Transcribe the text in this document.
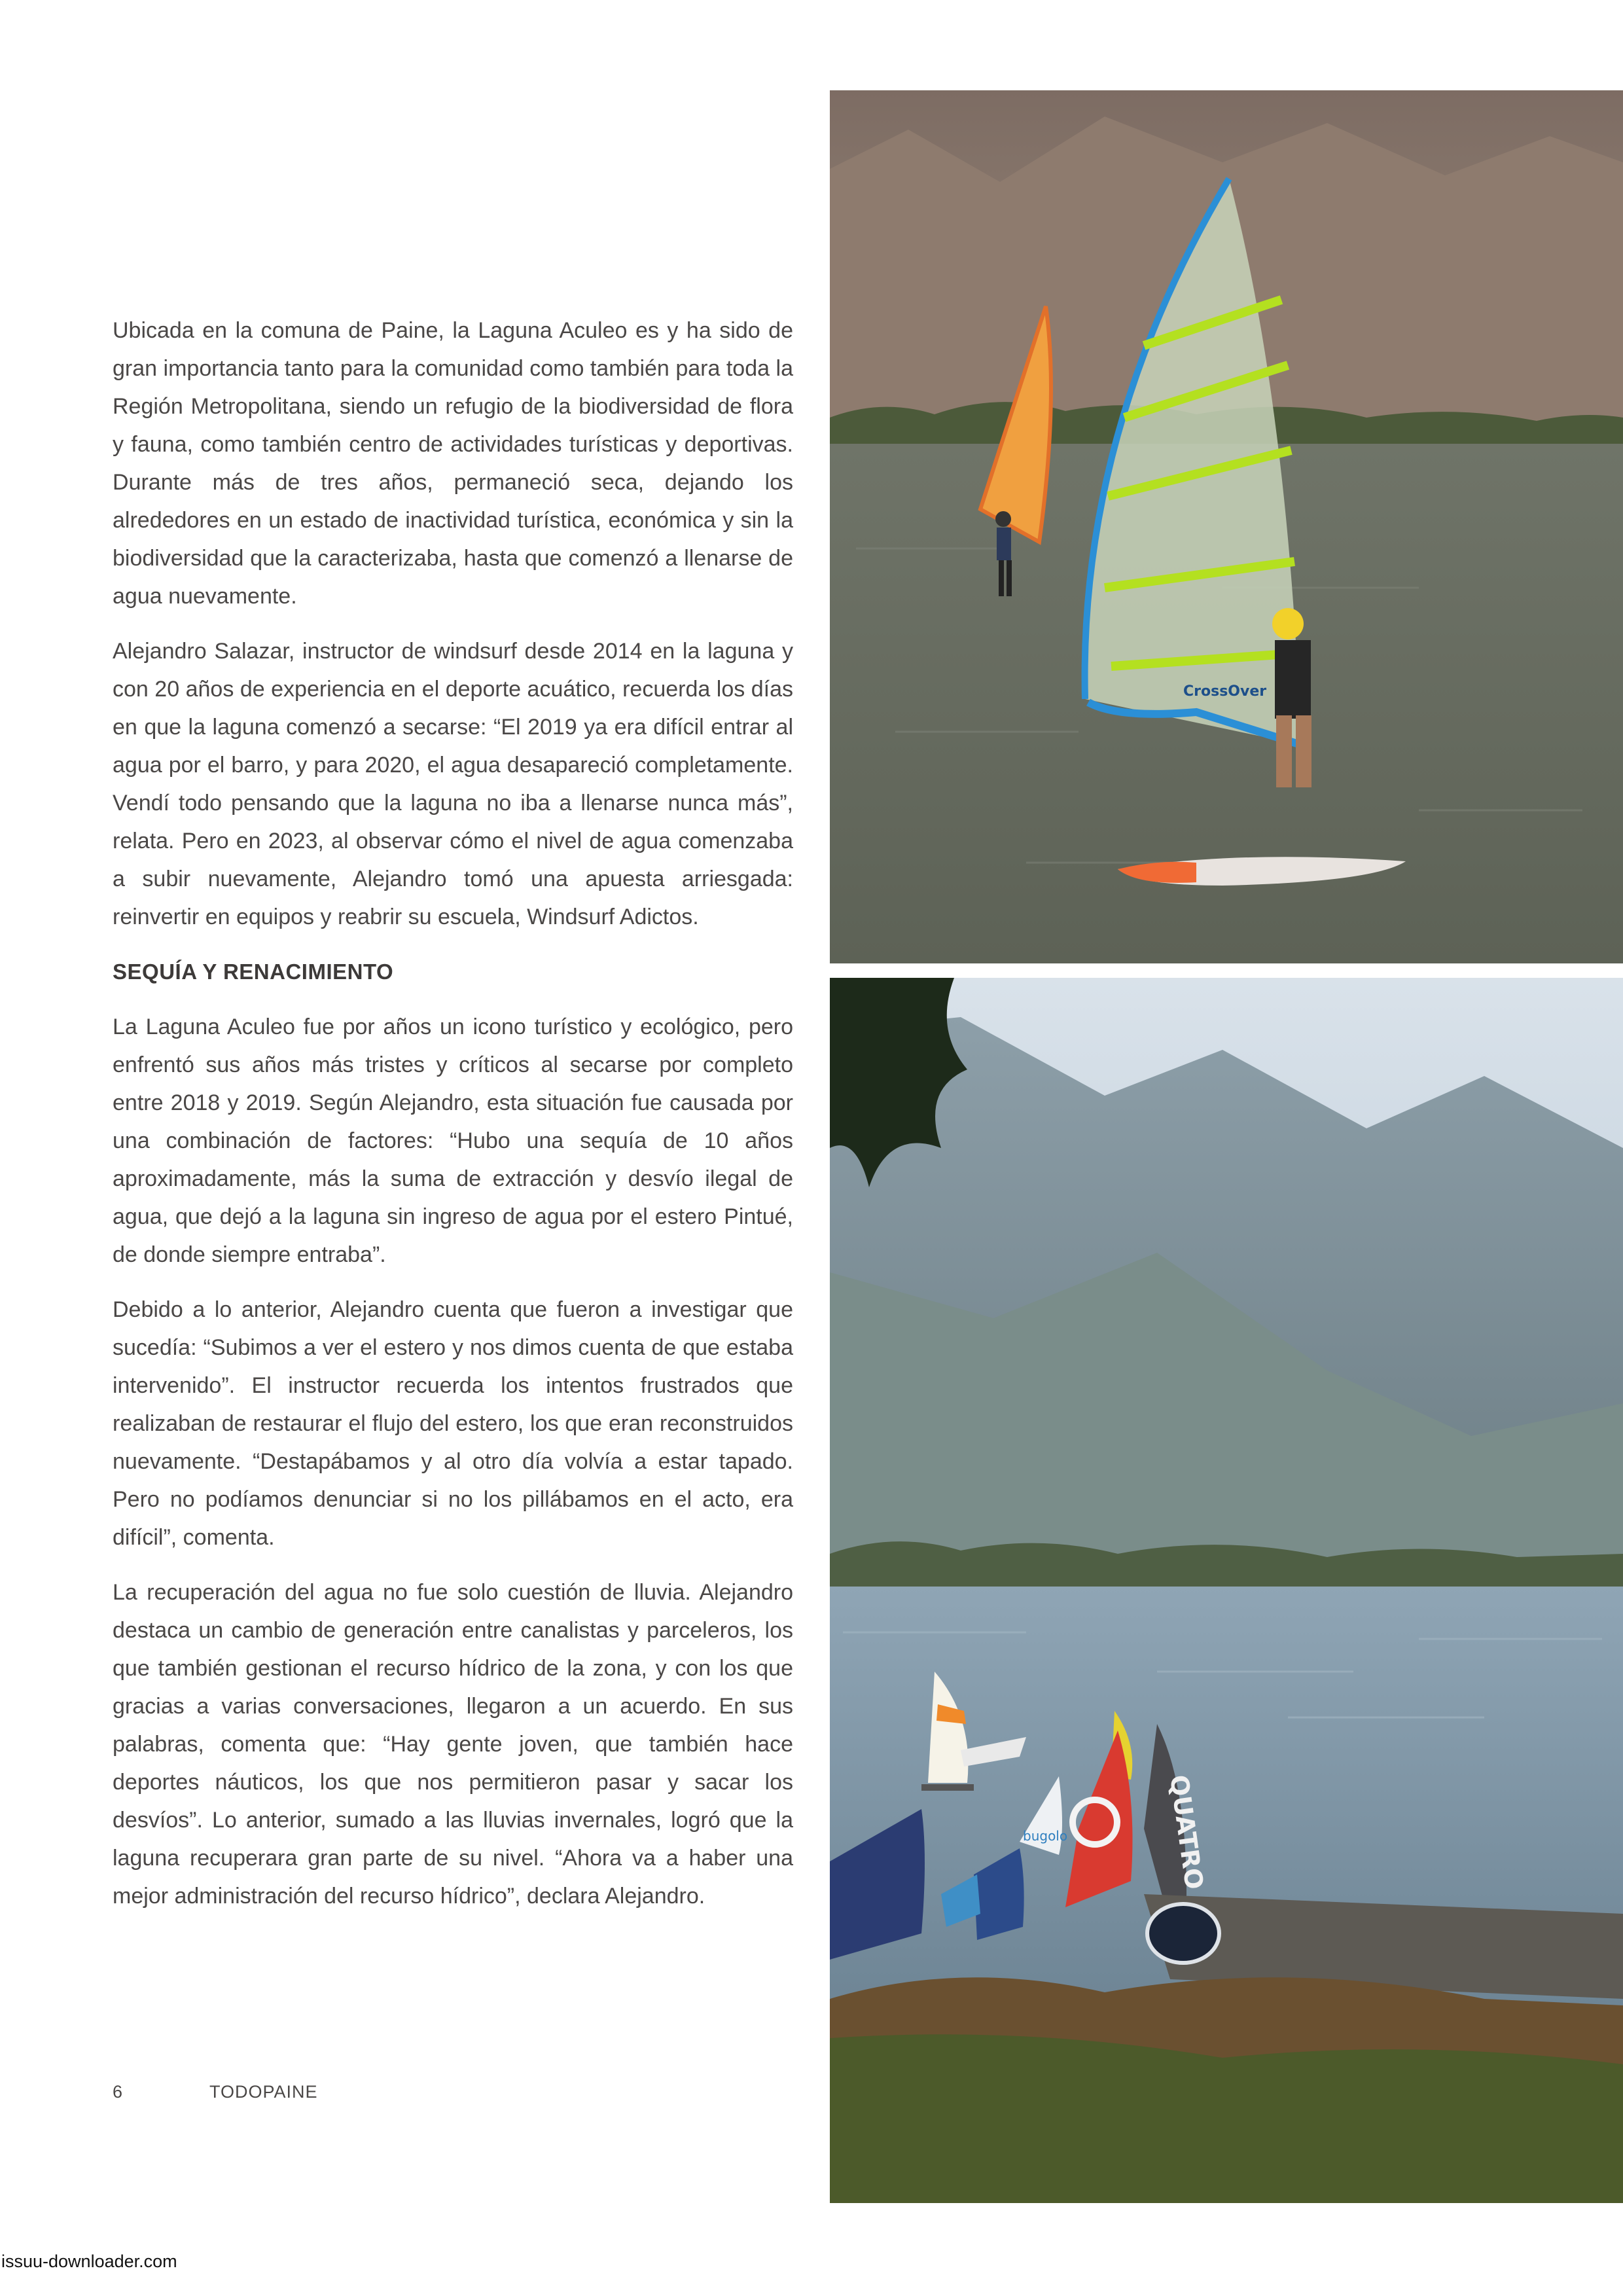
Ubicada en la comuna de Paine, la Laguna Aculeo es y ha sido de gran importancia tanto para la comunidad como también para toda la Región Metropolitana, siendo un refugio de la biodiversidad de flora y fauna, como también centro de actividades turísticas y deportivas. Durante más de tres años, permaneció seca, dejando los alrededores en un estado de inactividad turística, económica y sin la biodiversidad que la caracterizaba, hasta que comenzó a llenarse de agua nuevamente.

Alejandro Salazar, instructor de windsurf desde 2014 en la laguna y con 20 años de experiencia en el deporte acuático, recuerda los días en que la laguna comenzó a secarse: “El 2019 ya era difícil entrar al agua por el barro, y para 2020, el agua desapareció completamente. Vendí todo pensando que la laguna no iba a llenarse nunca más”, relata. Pero en 2023, al observar cómo el nivel de agua comenzaba a subir nuevamente, Alejandro tomó una apuesta arriesgada: reinvertir en equipos y reabrir su escuela, Windsurf Adictos.

SEQUÍA Y RENACIMIENTO

La Laguna Aculeo fue por años un icono turístico y ecológico, pero enfrentó sus años más tristes y críticos al secarse por completo entre 2018 y 2019. Según Alejandro, esta situación fue causada por una combinación de factores: “Hubo una sequía de 10 años aproximadamente, más la suma de extracción y desvío ilegal de agua, que dejó a la laguna sin ingreso de agua por el estero Pintué, de donde siempre entraba”.

Debido a lo anterior, Alejandro cuenta que fueron a investigar que sucedía: “Subimos a ver el estero y nos dimos cuenta de que estaba intervenido”. El instructor recuerda los intentos frustrados que realizaban de restaurar el flujo del estero, los que eran reconstruidos nuevamente. “Destapábamos y al otro día volvía a estar tapado. Pero no podíamos denunciar si no los pillábamos en el acto, era difícil”, comenta.

La recuperación del agua no fue solo cuestión de lluvia. Alejandro destaca un cambio de generación entre canalistas y parceleros, los que también gestionan el recurso hídrico de la zona, y con los que gracias a varias conversaciones, llegaron a un acuerdo. En sus palabras, comenta que: “Hay gente joven, que también hace deportes náuticos, los que nos permitieron pasar y sacar los desvíos”. Lo anterior, sumado a las lluvias invernales, logró que la laguna recuperara gran parte de su nivel. “Ahora va a haber una mejor administración del recurso hídrico”, declara Alejandro.

6	TODOPAINE
issuu-downloader.com
CrossOver
QUATRO
bugolo
